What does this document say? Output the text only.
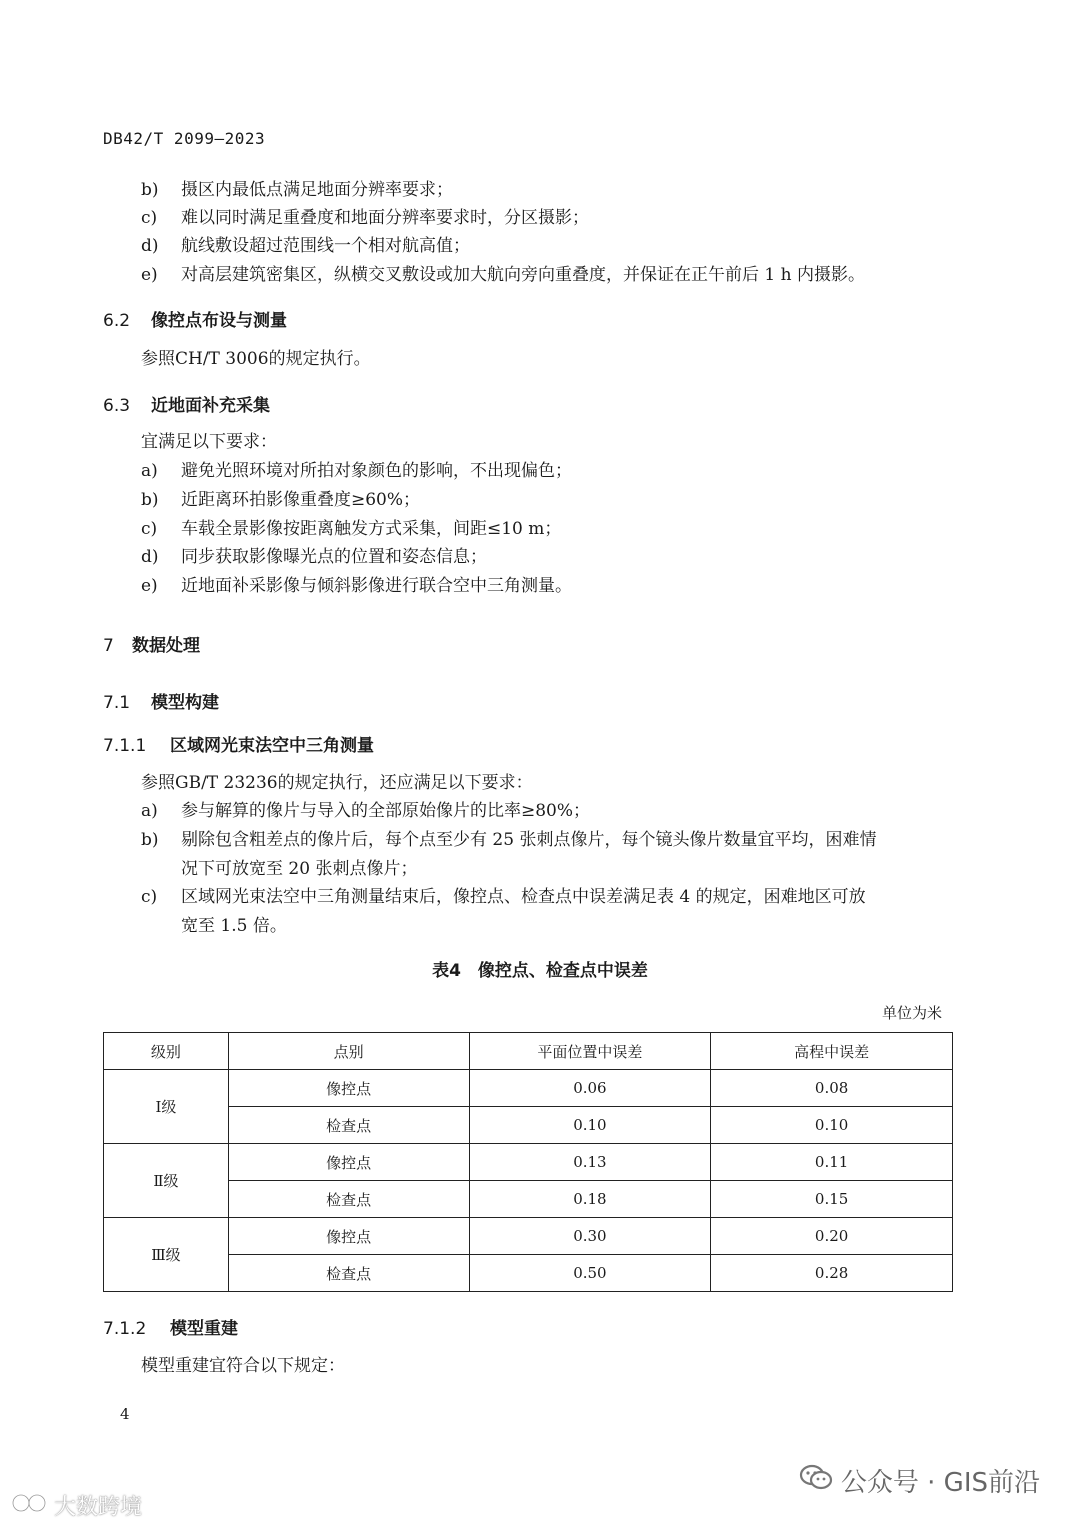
DB42/T 2099—2023
b) 摄区内最低点满足地面分辨率要求；
c) 难以同时满足重叠度和地面分辨率要求时，分区摄影；
d) 航线敷设超过范围线一个相对航高值；
e) 对高层建筑密集区，纵横交叉敷设或加大航向旁向重叠度，并保证在正午前后 1 h 内摄影。
6.2 像控点布设与测量
参照CH/T 3006的规定执行。
6.3 近地面补充采集
宜满足以下要求：
a) 避免光照环境对所拍对象颜色的影响，不出现偏色；
b) 近距离环拍影像重叠度≥60%；
c) 车载全景影像按距离触发方式采集，间距≤10 m；
d) 同步获取影像曝光点的位置和姿态信息；
e) 近地面补采影像与倾斜影像进行联合空中三角测量。
7 数据处理
7.1 模型构建
7.1.1 区域网光束法空中三角测量
参照GB/T 23236的规定执行，还应满足以下要求：
a) 参与解算的像片与导入的全部原始像片的比率≥80%；
b) 剔除包含粗差点的像片后，每个点至少有 25 张刺点像片，每个镜头像片数量宜平均，困难情
况下可放宽至 20 张刺点像片；
c) 区域网光束法空中三角测量结束后，像控点、检查点中误差满足表 4 的规定，困难地区可放
宽至 1.5 倍。
表4　像控点、检查点中误差
单位为米
级别	点别	平面位置中误差	高程中误差
Ⅰ级	像控点	0.06	0.08
	检查点	0.10	0.10
Ⅱ级	像控点	0.13	0.11
	检查点	0.18	0.15
Ⅲ级	像控点	0.30	0.20
	检查点	0.50	0.28
7.1.2 模型重建
模型重建宜符合以下规定：
4
公众号 · GIS前沿
大数跨境
